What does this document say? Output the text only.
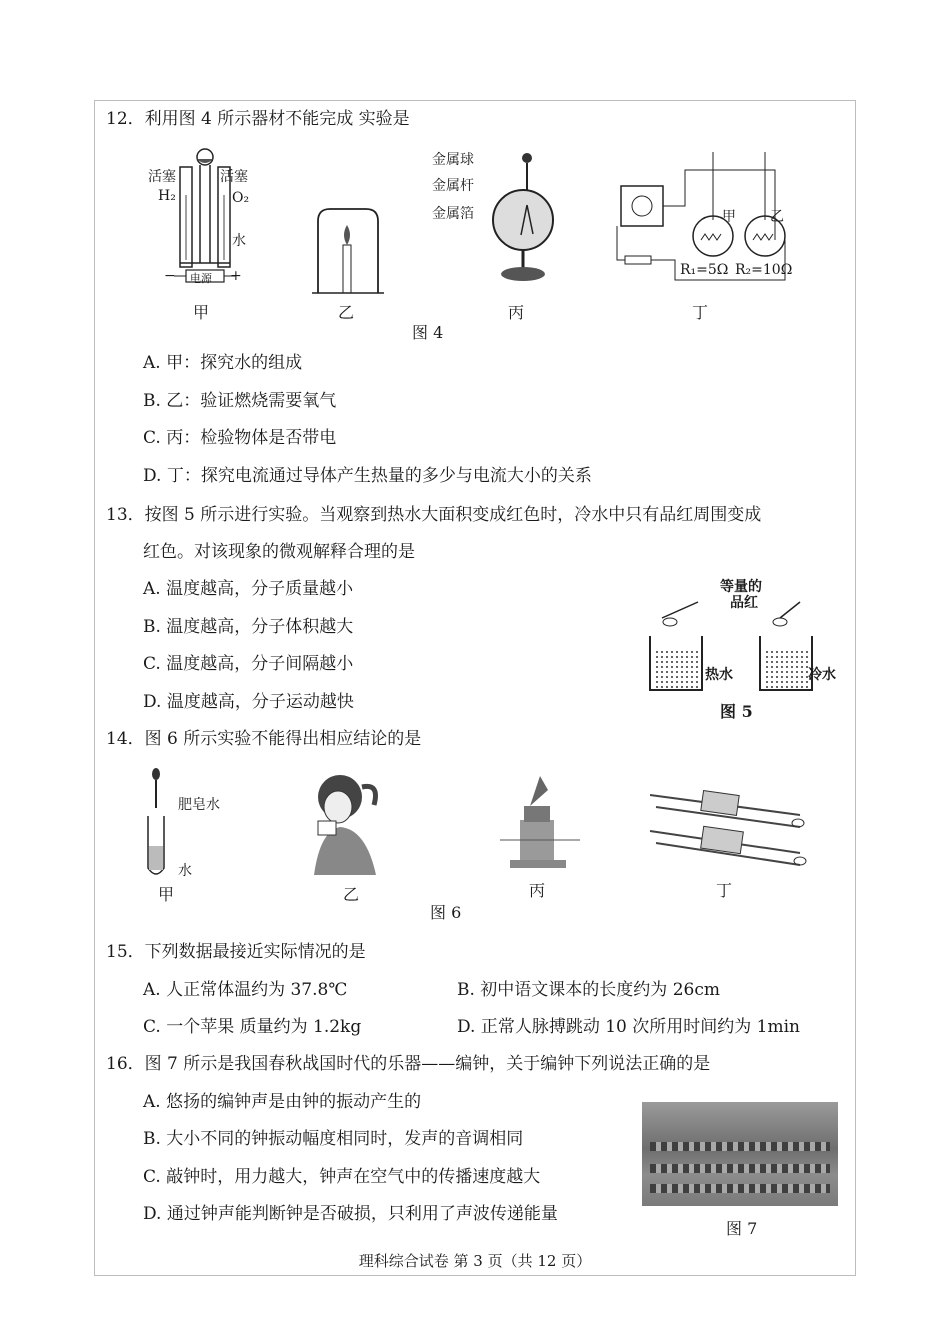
12．利用图 4 所示器材不能完成 实验是
活塞	活塞
H₂	O₂
水
电源
−	+
甲	乙
金属球
金属杆
金属箔
丙
甲 乙
R₁=5Ω R₂=10Ω
丁
图 4
A. 甲：探究水的组成
B. 乙：验证燃烧需要氧气
C. 丙：检验物体是否带电
D. 丁：探究电流通过导体产生热量的多少与电流大小的关系
13．按图 5 所示进行实验。当观察到热水大面积变成红色时，冷水中只有品红周围变成
红色。对该现象的微观解释合理的是
A. 温度越高，分子质量越小
B. 温度越高，分子体积越大
C. 温度越高，分子间隔越小
D. 温度越高，分子运动越快
等量的
品红
热水	冷水
图 5
14．图 6 所示实验不能得出相应结论的是
肥皂水
水
甲	乙	丙	丁
图 6
15．下列数据最接近实际情况的是
A. 人正常体温约为 37.8℃	B. 初中语文课本的长度约为 26cm
C. 一个苹果 质量约为 1.2kg	D. 正常人脉搏跳动 10 次所用时间约为 1min
16．图 7 所示是我国春秋战国时代的乐器——编钟，关于编钟下列说法正确的是
A. 悠扬的编钟声是由钟的振动产生的
B. 大小不同的钟振动幅度相同时，发声的音调相同
C. 敲钟时，用力越大，钟声在空气中的传播速度越大
D. 通过钟声能判断钟是否破损，只利用了声波传递能量
图 7
理科综合试卷 第 3 页（共 12 页）
